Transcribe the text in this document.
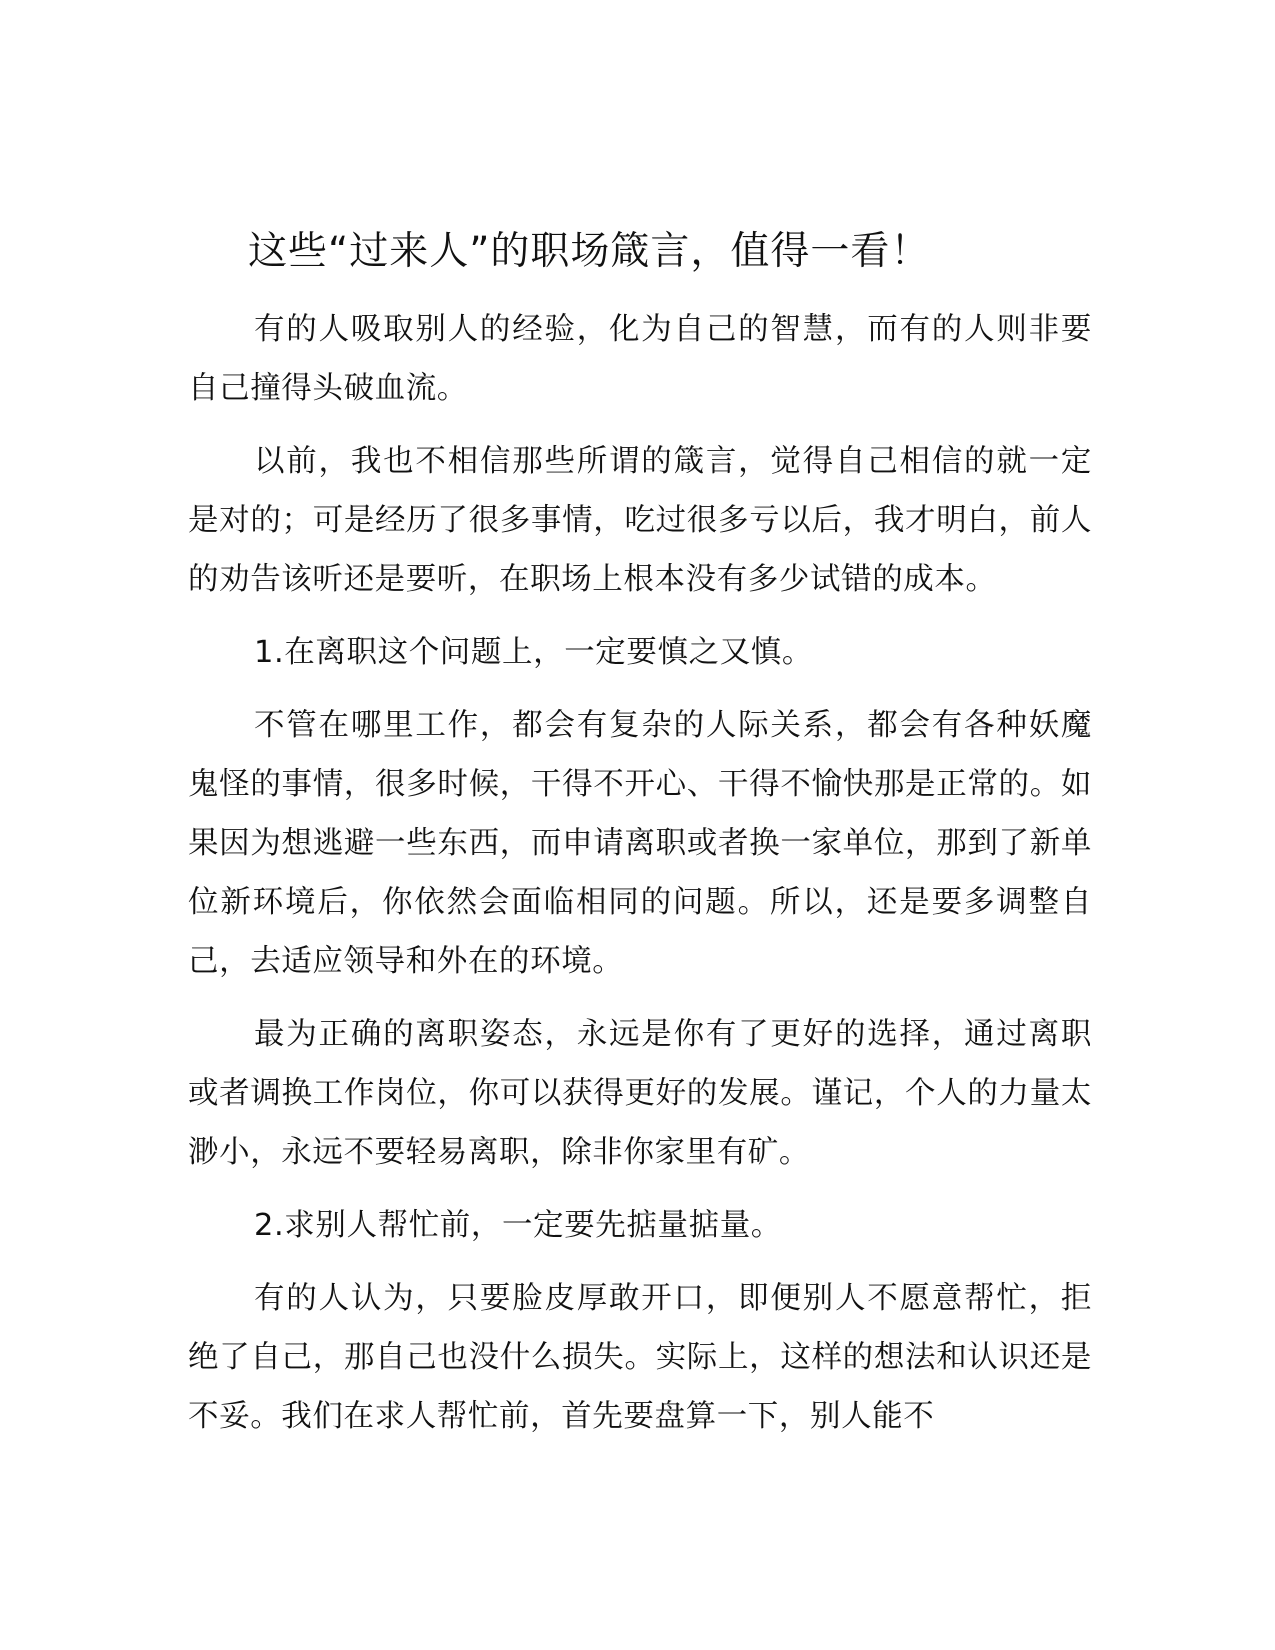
这些“过来人”的职场箴言，值得一看！

有的人吸取别人的经验，化为自己的智慧，而有的人则非要自己撞得头破血流。

以前，我也不相信那些所谓的箴言，觉得自己相信的就一定是对的；可是经历了很多事情，吃过很多亏以后，我才明白，前人的劝告该听还是要听，在职场上根本没有多少试错的成本。

1.在离职这个问题上，一定要慎之又慎。

不管在哪里工作，都会有复杂的人际关系，都会有各种妖魔鬼怪的事情，很多时候，干得不开心、干得不愉快那是正常的。如果因为想逃避一些东西，而申请离职或者换一家单位，那到了新单位新环境后，你依然会面临相同的问题。所以，还是要多调整自己，去适应领导和外在的环境。

最为正确的离职姿态，永远是你有了更好的选择，通过离职或者调换工作岗位，你可以获得更好的发展。谨记，个人的力量太渺小，永远不要轻易离职，除非你家里有矿。

2.求别人帮忙前，一定要先掂量掂量。

有的人认为，只要脸皮厚敢开口，即便别人不愿意帮忙，拒绝了自己，那自己也没什么损失。实际上，这样的想法和认识还是不妥。我们在求人帮忙前，首先要盘算一下，别人能不
